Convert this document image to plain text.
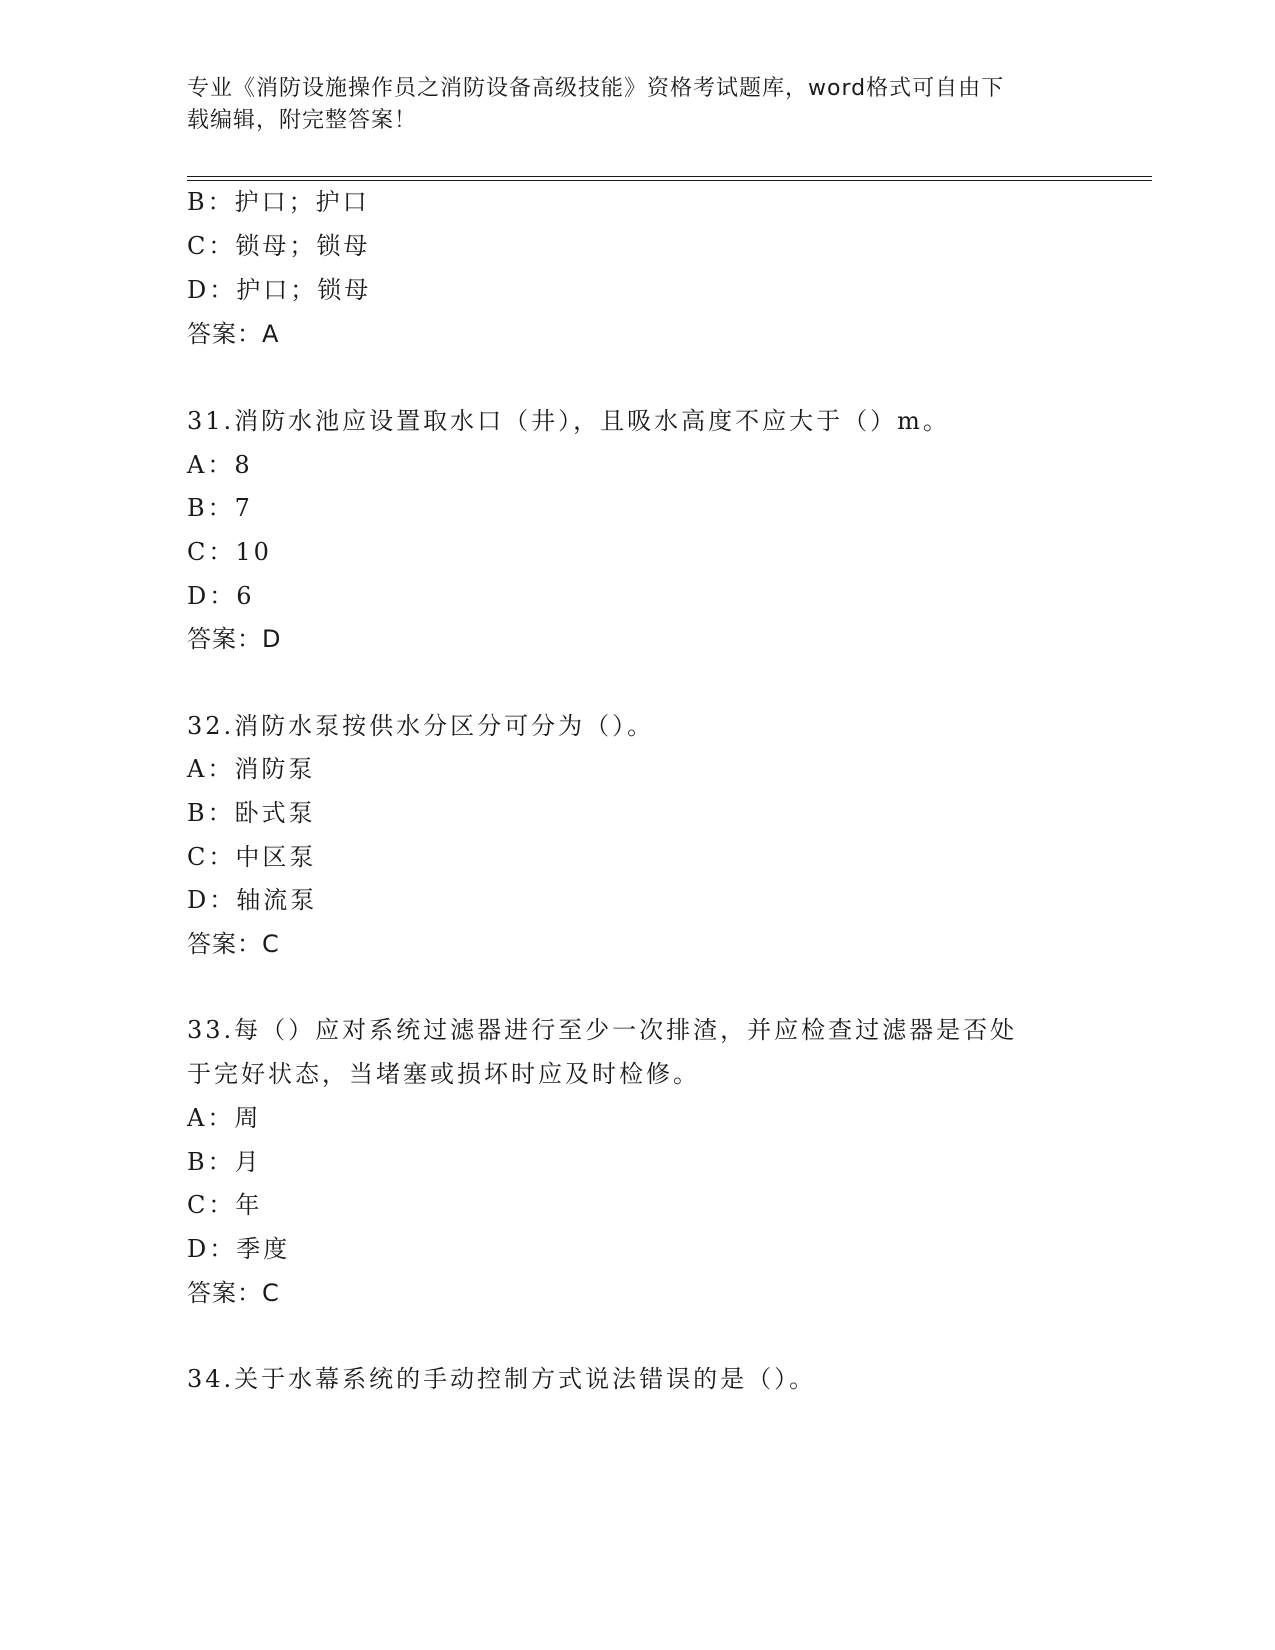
专业《消防设施操作员之消防设备高级技能》资格考试题库，word格式可自由下
载编辑，附完整答案！
B：护口；护口
C：锁母；锁母
D：护口；锁母
答案：A
31.消防水池应设置取水口（井），且吸水高度不应大于（）m。
A：8
B：7
C：10
D：6
答案：D
32.消防水泵按供水分区分可分为（）。
A：消防泵
B：卧式泵
C：中区泵
D：轴流泵
答案：C
33.每（）应对系统过滤器进行至少一次排渣，并应检查过滤器是否处
于完好状态，当堵塞或损坏时应及时检修。
A：周
B：月
C：年
D：季度
答案：C
34.关于水幕系统的手动控制方式说法错误的是（）。
